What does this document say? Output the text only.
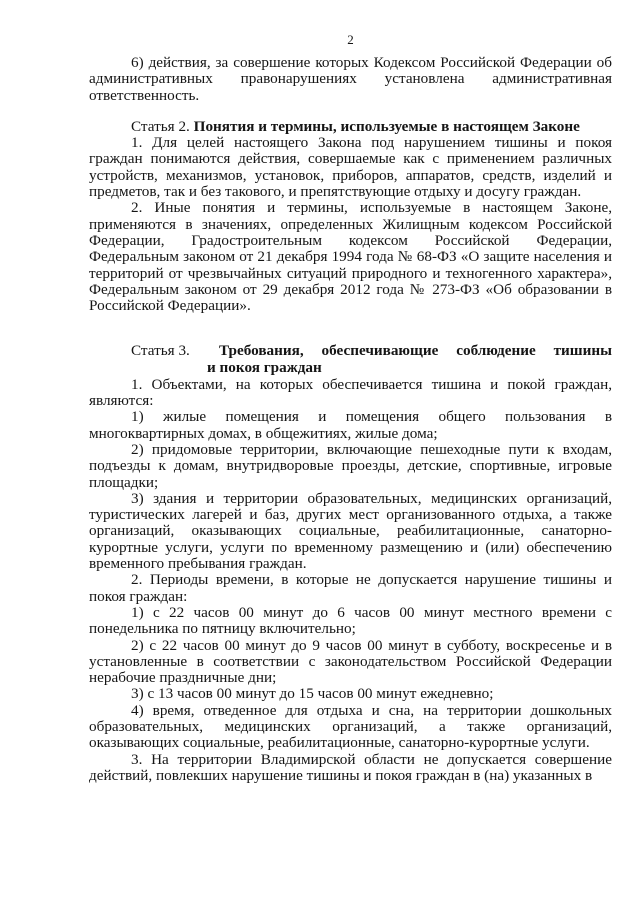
2

6) действия, за совершение которых Кодексом Российской Федерации об административных правонарушениях установлена административная ответственность.

Статья 2. Понятия и термины, используемые в настоящем Законе

1. Для целей настоящего Закона под нарушением тишины и покоя граждан понимаются действия, совершаемые как с применением различных устройств, механизмов, установок, приборов, аппаратов, средств, изделий и предметов, так и без такового, и препятствующие отдыху и досугу граждан.

2. Иные понятия и термины, используемые в настоящем Законе, применяются в значениях, определенных Жилищным кодексом Российской Федерации, Градостроительным кодексом Российской Федерации, Федеральным законом от 21 декабря 1994 года № 68-ФЗ «О защите населения и территорий от чрезвычайных ситуаций природного и техногенного характера», Федеральным законом от 29 декабря 2012 года № 273-ФЗ «Об образовании в Российской Федерации».

Статья 3.	Требования, обеспечивающие соблюдение тишины
и покоя граждан

1. Объектами, на которых обеспечивается тишина и покой граждан, являются:

1) жилые помещения и помещения общего пользования в многоквартирных домах, в общежитиях, жилые дома;

2) придомовые территории, включающие пешеходные пути к входам, подъезды к домам, внутридворовые проезды, детские, спортивные, игровые площадки;

3) здания и территории образовательных, медицинских организаций, туристических лагерей и баз, других мест организованного отдыха, а также организаций, оказывающих социальные, реабилитационные, санаторно-курортные услуги, услуги по временному размещению и (или) обеспечению временного пребывания граждан.

2. Периоды времени, в которые не допускается нарушение тишины и покоя граждан:

1) с 22 часов 00 минут до 6 часов 00 минут местного времени с понедельника по пятницу включительно;

2) с 22 часов 00 минут до 9 часов 00 минут в субботу, воскресенье и в установленные в соответствии с законодательством Российской Федерации нерабочие праздничные дни;

3) с 13 часов 00 минут до 15 часов 00 минут ежедневно;

4) время, отведенное для отдыха и сна, на территории дошкольных образовательных, медицинских организаций, а также организаций, оказывающих социальные, реабилитационные, санаторно-курортные услуги.

3. На территории Владимирской области не допускается совершение действий, повлекших нарушение тишины и покоя граждан в (на) указанных в
